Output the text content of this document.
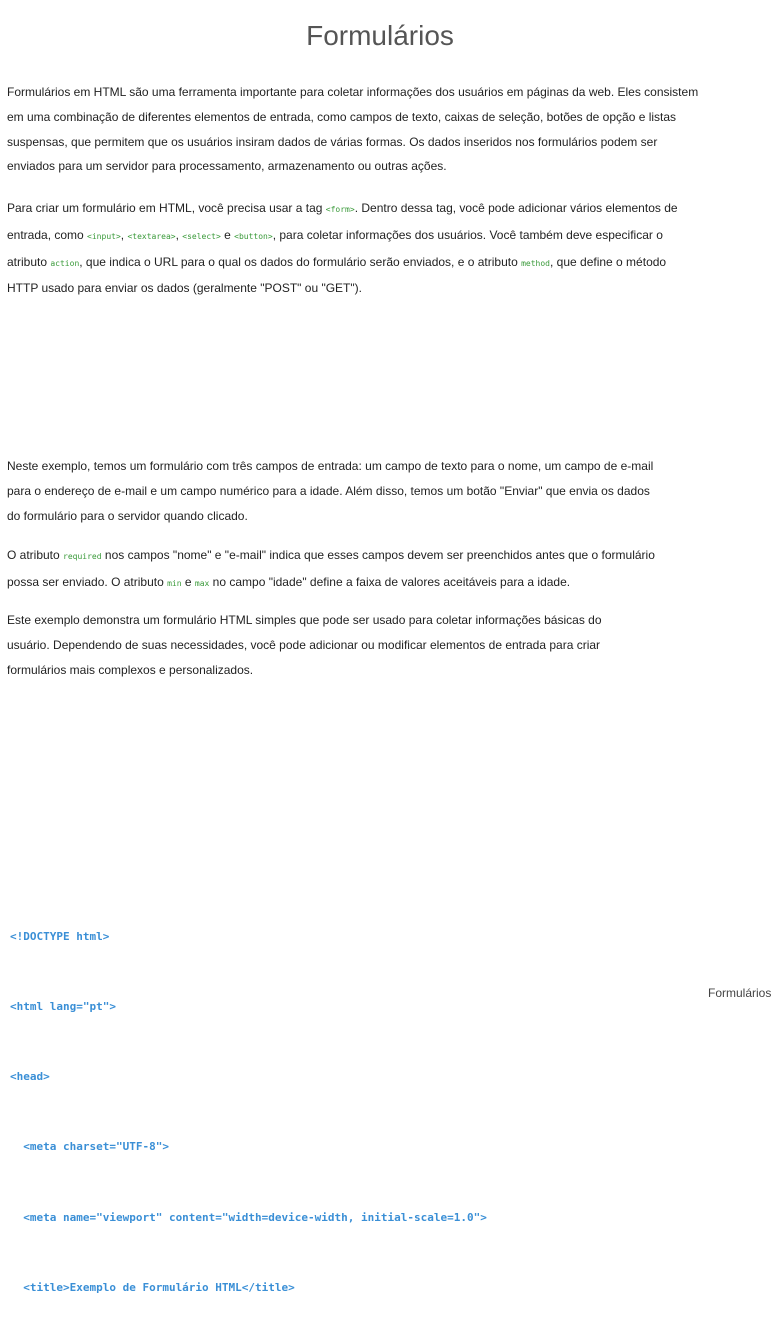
Formulários

Formulários em HTML são uma ferramenta importante para coletar informações dos usuários em páginas da web. Eles consistem em uma combinação de diferentes elementos de entrada, como campos de texto, caixas de seleção, botões de opção e listas suspensas, que permitem que os usuários insiram dados de várias formas. Os dados inseridos nos formulários podem ser enviados para um servidor para processamento, armazenamento ou outras ações.

Para criar um formulário em HTML, você precisa usar a tag <form>. Dentro dessa tag, você pode adicionar vários elementos de entrada, como <input>, <textarea>, <select> e <button>, para coletar informações dos usuários. Você também deve especificar o atributo action, que indica o URL para o qual os dados do formulário serão enviados, e o atributo method, que define o método HTTP usado para enviar os dados (geralmente "POST" ou "GET").

Neste exemplo, temos um formulário com três campos de entrada: um campo de texto para o nome, um campo de e-mail para o endereço de e-mail e um campo numérico para a idade. Além disso, temos um botão "Enviar" que envia os dados do formulário para o servidor quando clicado.

O atributo required nos campos "nome" e "e-mail" indica que esses campos devem ser preenchidos antes que o formulário possa ser enviado. O atributo min e max no campo "idade" define a faixa de valores aceitáveis para a idade.

Este exemplo demonstra um formulário HTML simples que pode ser usado para coletar informações básicas do usuário. Dependendo de suas necessidades, você pode adicionar ou modificar elementos de entrada para criar formulários mais complexos e personalizados.

<!DOCTYPE html>

<html lang="pt">

<head>

<meta charset="UTF-8">

<meta name="viewport" content="width=device-width, initial-scale=1.0">

<title>Exemplo de Formulário HTML</title>

Formulários
